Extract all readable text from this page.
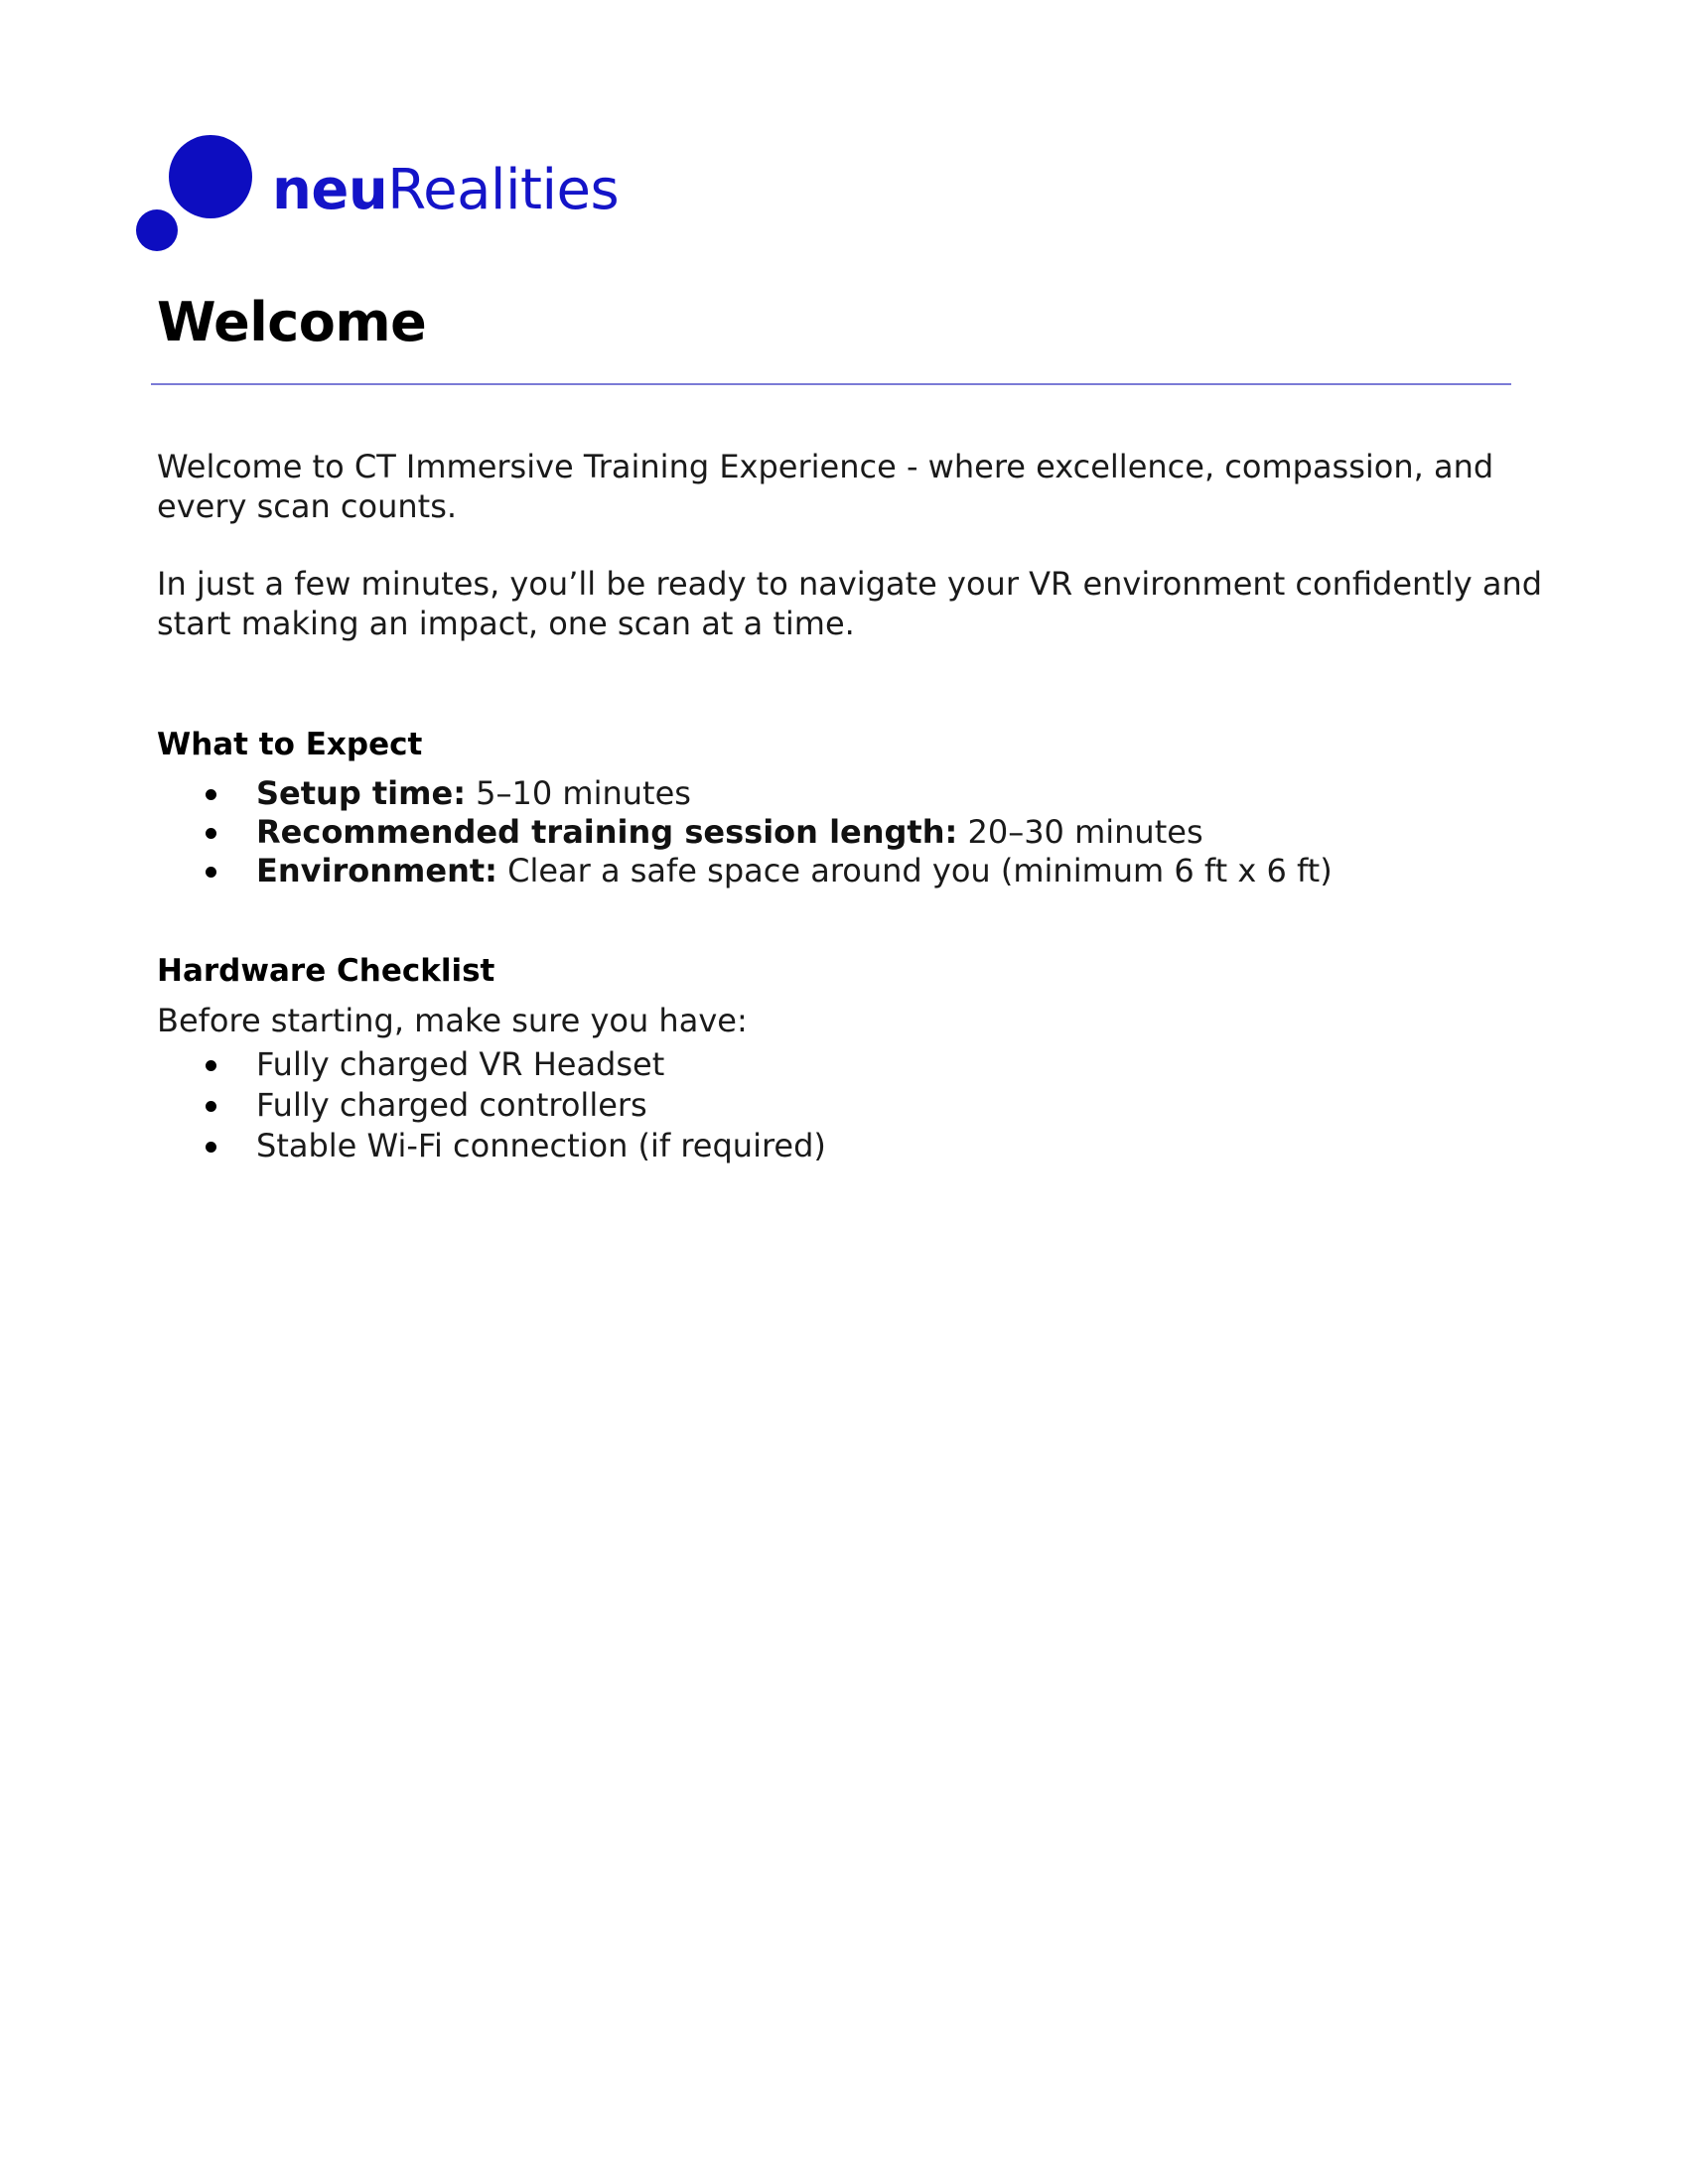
neuRealities
Welcome

Welcome to CT Immersive Training Experience - where excellence, compassion, and every scan counts.

In just a few minutes, you’ll be ready to navigate your VR environment confidently and start making an impact, one scan at a time.

What to Expect
Setup time: 5–10 minutes
Recommended training session length: 20–30 minutes
Environment: Clear a safe space around you (minimum 6 ft x 6 ft)
Hardware Checklist

Before starting, make sure you have:

Fully charged VR Headset
Fully charged controllers
Stable Wi-Fi connection (if required)
